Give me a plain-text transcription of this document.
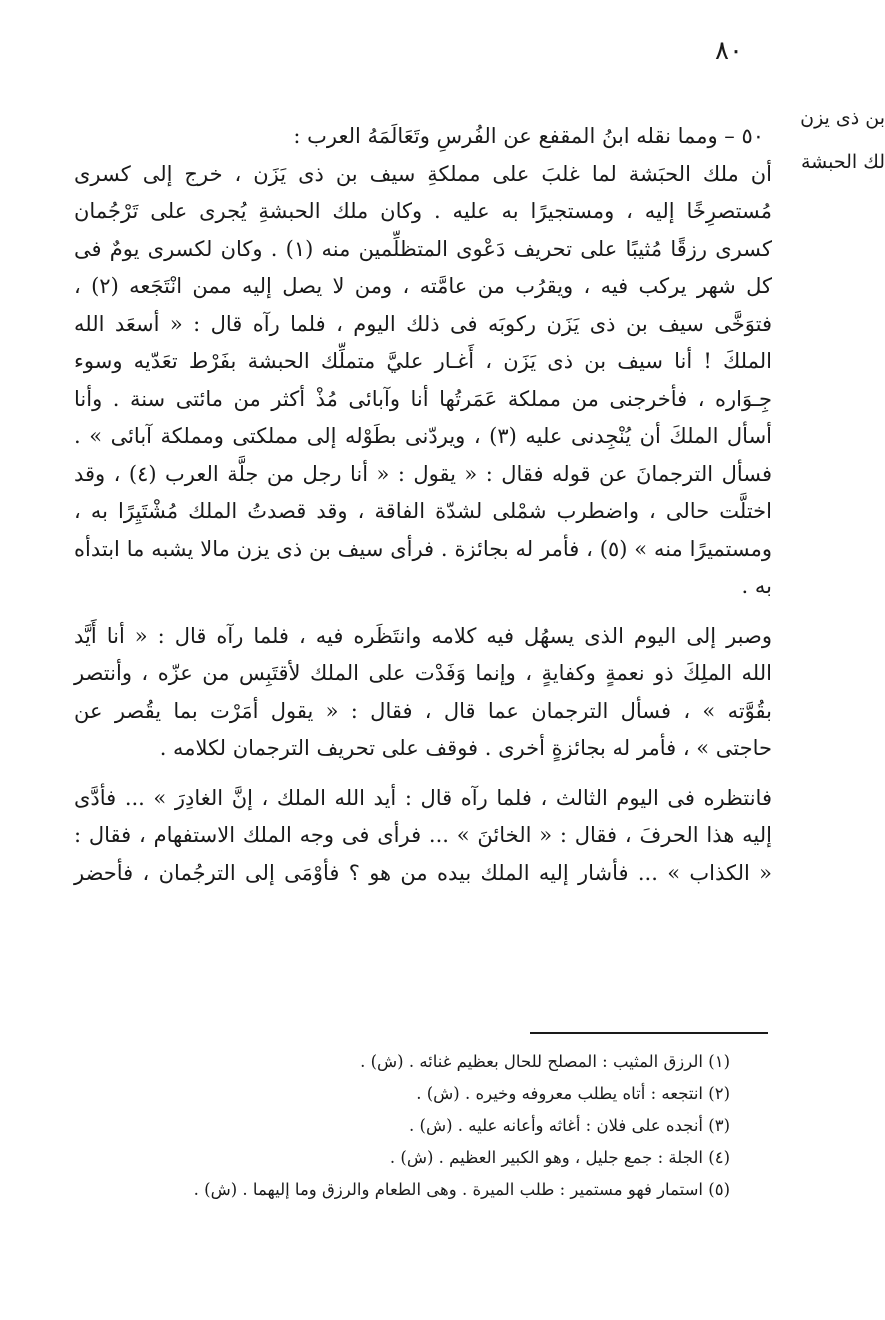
٨٠
بن ذى يزن
لك الحبشة
٥٠ – ومما نقله ابنُ المقفع عن الفُرسِ وتَعَالَمَهُ العرب :
أن ملك الحبَشة لما غلبَ على مملكةِ سيف بن ذى يَزَن ، خرج إلى كسرى
مُستصرِخًا إليه ، ومستجيرًا به عليه . وكان ملك الحبشةِ يُجرى على تَرْجُمان
كسرى رزقًا مُثيبًا على تحريف دَعْوى المتظلِّمين منه (١) . وكان لكسرى يومٌ فى
كل شهر يركب فيه ، ويقرُب من عامَّته ، ومن لا يصل إليه ممن انْتَجَعه (٢) ،
فتوَخَّى سيف بن ذى يَزَن ركوبَه فى ذلك اليوم ، فلما رآه قال : « أسعَد الله
الملكَ ! أنا سيف بن ذى يَزَن ، أَغـار عليَّ متملِّك الحبشة بفَرْط تعَدّيه وسوء
جِـوَاره ، فأخرجنى من مملكة عَمَرتُها أنا وآبائى مُذْ أكثر من مائتى سنة . وأنا
أسأل الملكَ أن يُنْجِدنى عليه (٣) ، ويردّنى بطَوْله إلى مملكتى ومملكة آبائى » .
فسأل الترجمانَ عن قوله فقال : « يقول : « أنا رجل من جلَّة العرب (٤) ، وقد
اختلَّت حالى ، واضطرب شمْلى لشدّة الفاقة ، وقد قصدتُ الملك مُشْتَيِرًا به ،
ومستميرًا منه » (٥) ، فأمر له بجائزة . فرأى سيف بن ذى يزن مالا يشبه ما ابتدأه
به .
وصبر إلى اليوم الذى يسهُل فيه كلامه وانتَظَره فيه ، فلما رآه قال : « أنا أَيَّد
الله الملِكَ ذو نعمةٍ وكفايةٍ ، وإنما وَفَدْت على الملك لأقتَبِس من عزّه ، وأنتصر
بقُوَّته » ، فسأل الترجمان عما قال ، فقال : « يقول أمَرْت بما يقُصر عن
حاجتى » ، فأمر له بجائزةٍ أخرى . فوقف على تحريف الترجمان لكلامه .
فانتظره فى اليوم الثالث ، فلما رآه قال : أيد الله الملك ، إنَّ الغادِرَ » ... فأدَّى
إليه هذا الحرفَ ، فقال : « الخائنَ » ... فرأى فى وجه الملك الاستفهام ، فقال :
« الكذاب » ... فأشار إليه الملك بيده من هو ؟ فأوْمَى إلى الترجُمان ، فأحضر
(١) الرزق المثيب : المصلح للحال بعظيم غنائه . (ش) .
(٢) انتجعه : أتاه يطلب معروفه وخيره . (ش) .
(٣) أنجده على فلان : أغاثه وأعانه عليه . (ش) .
(٤) الجلة : جمع جليل ، وهو الكبير العظيم . (ش) .
(٥) استمار فهو مستمير : طلب الميرة . وهى الطعام والرزق وما إليهما . (ش) .
